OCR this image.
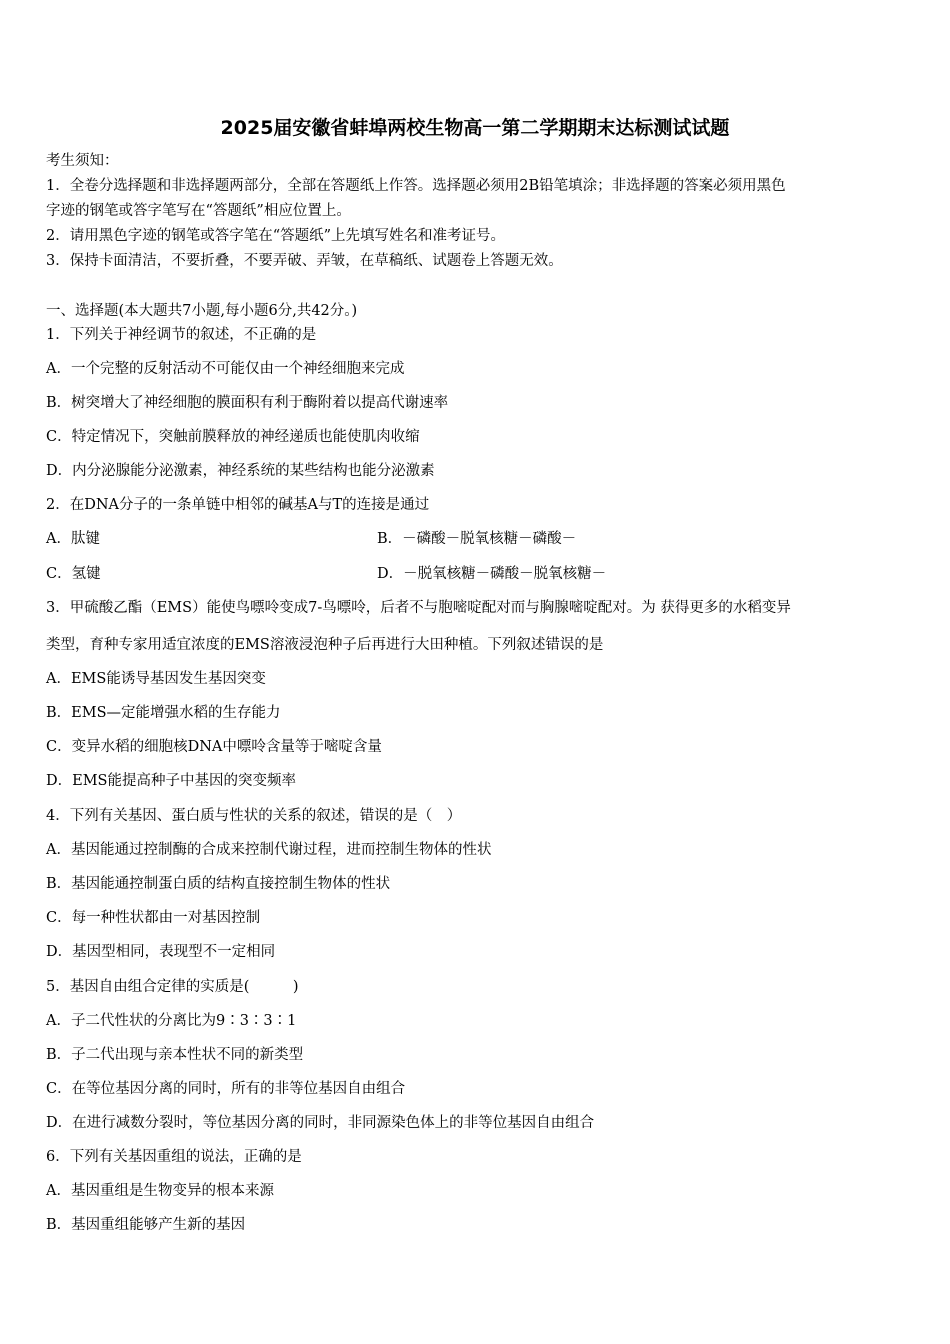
2025届安徽省蚌埠两校生物高一第二学期期末达标测试试题
考生须知：
1．全卷分选择题和非选择题两部分，全部在答题纸上作答。选择题必须用2B铅笔填涂；非选择题的答案必须用黑色
字迹的钢笔或答字笔写在“答题纸”相应位置上。
2．请用黑色字迹的钢笔或答字笔在“答题纸”上先填写姓名和准考证号。
3．保持卡面清洁，不要折叠，不要弄破、弄皱，在草稿纸、试题卷上答题无效。
一、选择题(本大题共7小题,每小题6分,共42分。)
1．下列关于神经调节的叙述，不正确的是
A．一个完整的反射活动不可能仅由一个神经细胞来完成
B．树突增大了神经细胞的膜面积有利于酶附着以提高代谢速率
C．特定情况下，突触前膜释放的神经递质也能使肌肉收缩
D．内分泌腺能分泌激素，神经系统的某些结构也能分泌激素
2．在DNA分子的一条单链中相邻的碱基A与T的连接是通过
A．肽键	B．－磷酸－脱氧核糖－磷酸－
C．氢键	D．－脱氧核糖－磷酸－脱氧核糖－
3．甲硫酸乙酯（EMS）能使鸟嘌呤变成7-鸟嘌呤，后者不与胞嘧啶配对而与胸腺嘧啶配对。为 获得更多的水稻变异
类型，育种专家用适宜浓度的EMS溶液浸泡种子后再进行大田种植。下列叙述错误的是
A．EMS能诱导基因发生基因突变
B．EMS—定能增强水稻的生存能力
C．变异水稻的细胞核DNA中嘌呤含量等于嘧啶含量
D．EMS能提高种子中基因的突变频率
4．下列有关基因、蛋白质与性状的关系的叙述，错误的是（　）
A．基因能通过控制酶的合成来控制代谢过程，进而控制生物体的性状
B．基因能通控制蛋白质的结构直接控制生物体的性状
C．每一种性状都由一对基因控制
D．基因型相同，表现型不一定相同
5．基因自由组合定律的实质是(　　　)
A．子二代性状的分离比为9∶3∶3∶1
B．子二代出现与亲本性状不同的新类型
C．在等位基因分离的同时，所有的非等位基因自由组合
D．在进行减数分裂时，等位基因分离的同时，非同源染色体上的非等位基因自由组合
6．下列有关基因重组的说法，正确的是
A．基因重组是生物变异的根本来源
B．基因重组能够产生新的基因
